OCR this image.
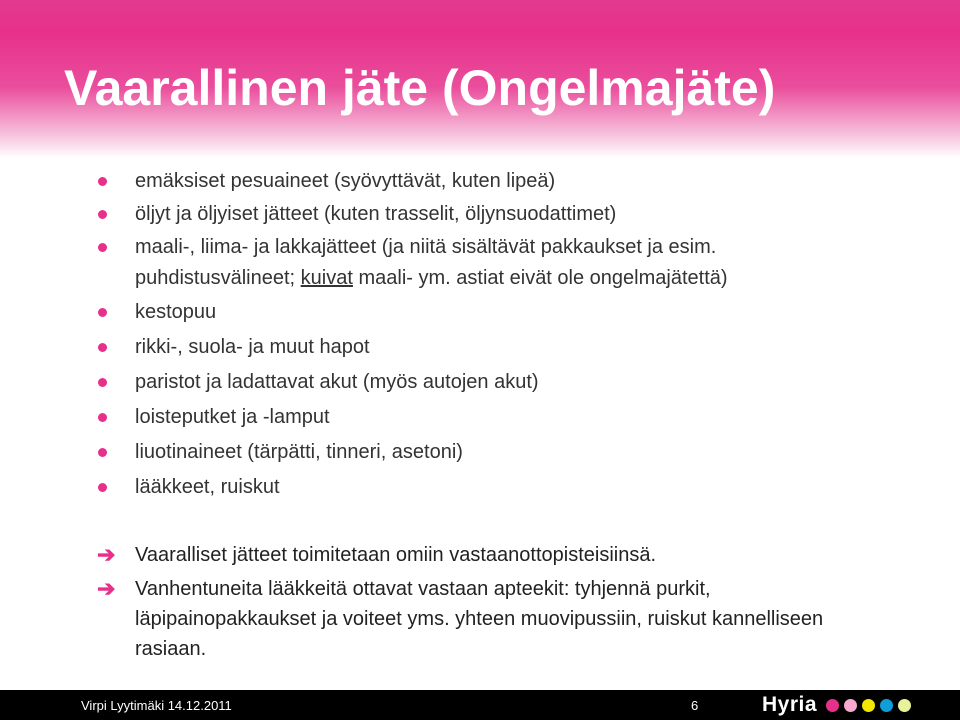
Vaarallinen jäte (Ongelmajäte)
emäksiset pesuaineet (syövyttävät, kuten lipeä)
öljyt ja öljyiset jätteet (kuten trasselit, öljynsuodattimet)
maali-, liima- ja lakkajätteet (ja niitä sisältävät pakkaukset ja esim.
puhdistusvälineet; kuivat maali- ym. astiat eivät ole ongelmajätettä)
kestopuu
rikki-, suola- ja muut hapot
paristot ja ladattavat akut (myös autojen akut)
loisteputket ja -lamput
liuotinaineet (tärpätti, tinneri, asetoni)
lääkkeet, ruiskut
➔ Vaaralliset jätteet toimitetaan omiin vastaanottopisteisiinsä.
➔ Vanhentuneita lääkkeitä ottavat vastaan apteekit: tyhjennä purkit, läpipainopakkaukset ja voiteet yms. yhteen muovipussiin, ruiskut kannelliseen rasiaan.
Virpi Lyytimäki 14.12.2011	6	Hyria
